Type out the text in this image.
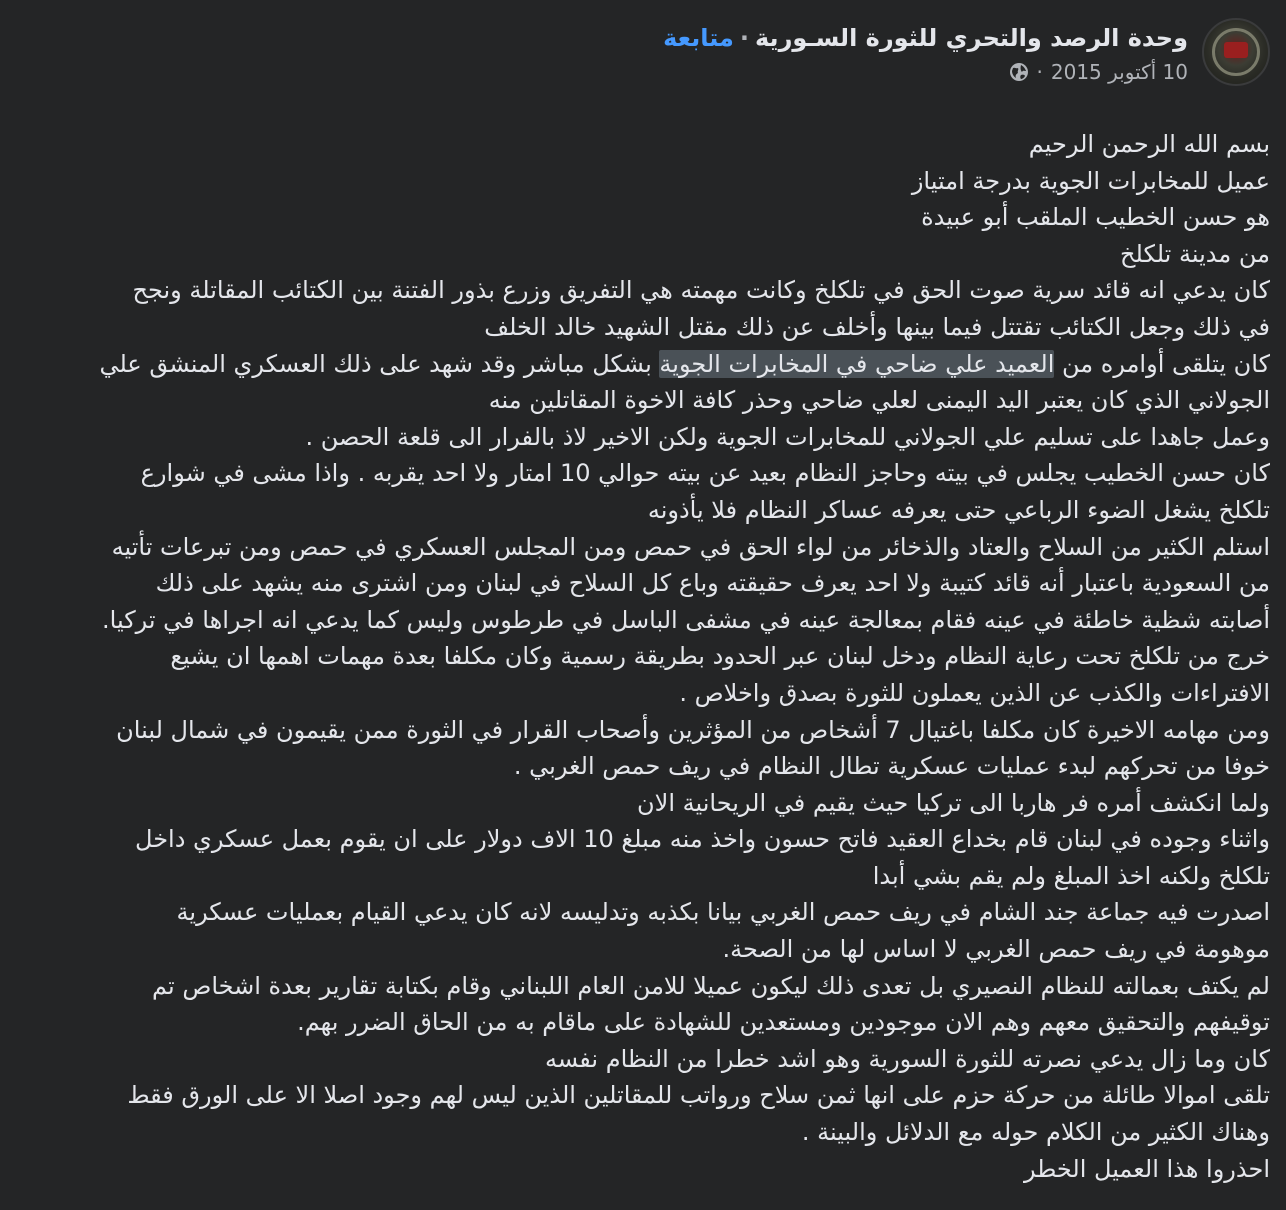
وحدة الرصد والتحري للثورة السـورية·متابعة
10 أكتوبر 2015
·
بسم الله الرحمن الرحيم
عميل للمخابرات الجوية بدرجة امتياز
هو حسن الخطيب الملقب أبو عبيدة
من مدينة تلكلخ
كان يدعي انه قائد سرية صوت الحق في تلكلخ وكانت مهمته هي التفريق وزرع بذور الفتنة بين الكتائب المقاتلة ونجح
في ذلك وجعل الكتائب تقتتل فيما بينها وأخلف عن ذلك مقتل الشهيد خالد الخلف
كان يتلقى أوامره من العميد علي ضاحي في المخابرات الجوية بشكل مباشر وقد شهد على ذلك العسكري المنشق علي
الجولاني الذي كان يعتبر اليد اليمنى لعلي ضاحي وحذر كافة الاخوة المقاتلين منه
وعمل جاهدا على تسليم علي الجولاني للمخابرات الجوية ولكن الاخير لاذ بالفرار الى قلعة الحصن .
كان حسن الخطيب يجلس في بيته وحاجز النظام بعيد عن بيته حوالي 10 امتار ولا احد يقربه . واذا مشى في شوارع
تلكلخ يشغل الضوء الرباعي حتى يعرفه عساكر النظام فلا يأذونه
استلم الكثير من السلاح والعتاد والذخائر من لواء الحق في حمص ومن المجلس العسكري في حمص ومن تبرعات تأتيه
من السعودية باعتبار أنه قائد كتيبة ولا احد يعرف حقيقته وباع كل السلاح في لبنان ومن اشترى منه يشهد على ذلك
أصابته شظية خاطئة في عينه فقام بمعالجة عينه في مشفى الباسل في طرطوس وليس كما يدعي انه اجراها في تركيا.
خرج من تلكلخ تحت رعاية النظام ودخل لبنان عبر الحدود بطريقة رسمية وكان مكلفا بعدة مهمات اهمها ان يشيع
الافتراءات والكذب عن الذين يعملون للثورة بصدق واخلاص .
ومن مهامه الاخيرة كان مكلفا باغتيال 7 أشخاص من المؤثرين وأصحاب القرار في الثورة ممن يقيمون في شمال لبنان
خوفا من تحركهم لبدء عمليات عسكرية تطال النظام في ريف حمص الغربي .
ولما انكشف أمره فر هاربا الى تركيا حيث يقيم في الريحانية الان
واثناء وجوده في لبنان قام بخداع العقيد فاتح حسون واخذ منه مبلغ 10 الاف دولار على ان يقوم بعمل عسكري داخل
تلكلخ ولكنه اخذ المبلغ ولم يقم بشي أبدا
اصدرت فيه جماعة جند الشام في ريف حمص الغربي بيانا بكذبه وتدليسه لانه كان يدعي القيام بعمليات عسكرية
موهومة في ريف حمص الغربي لا اساس لها من الصحة.
لم يكتف بعمالته للنظام النصيري بل تعدى ذلك ليكون عميلا للامن العام اللبناني وقام بكتابة تقارير بعدة اشخاص تم
توقيفهم والتحقيق معهم وهم الان موجودين ومستعدين للشهادة على ماقام به من الحاق الضرر بهم.
كان وما زال يدعي نصرته للثورة السورية وهو اشد خطرا من النظام نفسه
تلقى اموالا طائلة من حركة حزم على انها ثمن سلاح ورواتب للمقاتلين الذين ليس لهم وجود اصلا الا على الورق فقط
وهناك الكثير من الكلام حوله مع الدلائل والبينة .
احذروا هذا العميل الخطر
